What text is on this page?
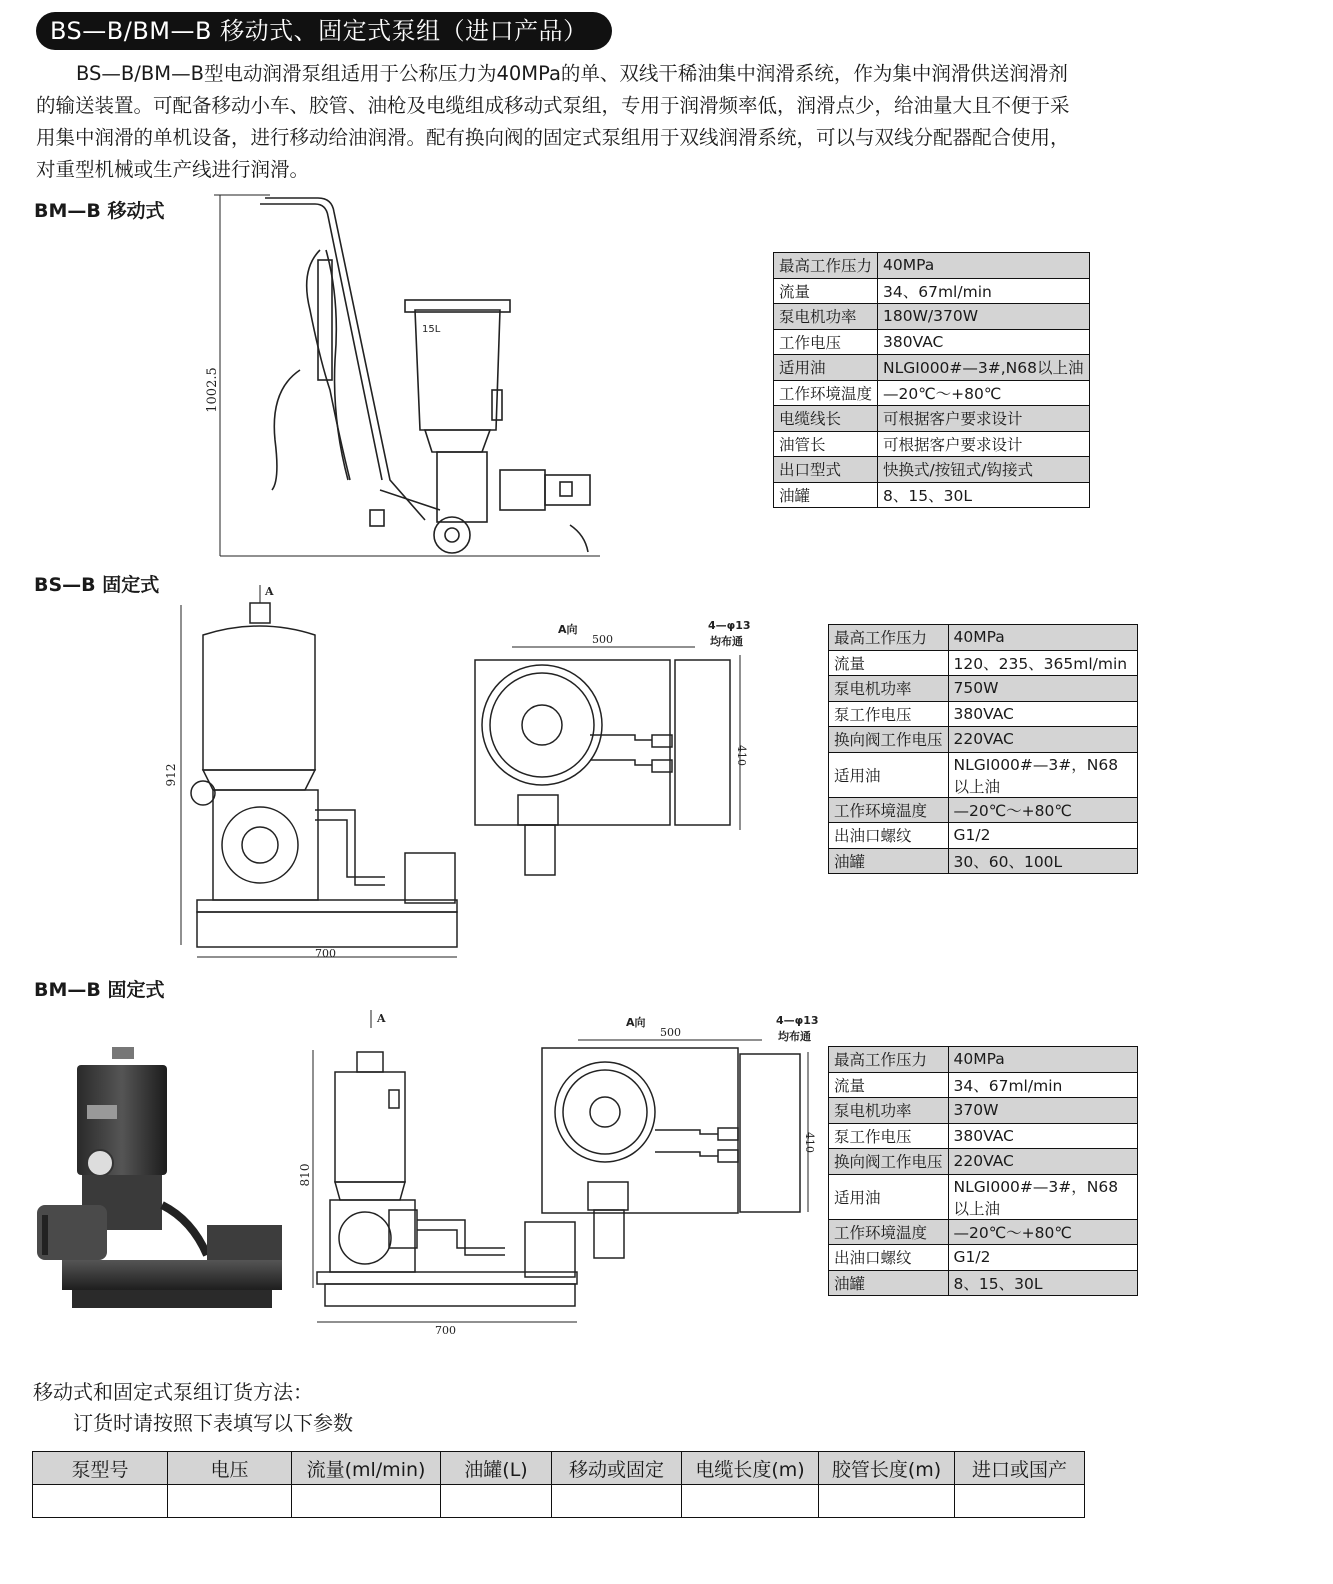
BS—B/BM—B 移动式、固定式泵组（进口产品）

BS—B/BM—B型电动润滑泵组适用于公称压力为40MPa的单、双线干稀油集中润滑系统，作为集中润滑供送润滑剂的输送装置。可配备移动小车、胶管、油枪及电缆组成移动式泵组，专用于润滑频率低，润滑点少，给油量大且不便于采用集中润滑的单机设备，进行移动给油润滑。配有换向阀的固定式泵组用于双线润滑系统，可以与双线分配器配合使用，对重型机械或生产线进行润滑。

BM—B 移动式
1002.5
15L
最高工作压力	40MPa
流量	34、67ml/min
泵电机功率	180W/370W
工作电压	380VAC
适用油	NLGI000#—3#,N68以上油
工作环境温度	—20℃～+80℃
电缆线长	可根据客户要求设计
油管长	可根据客户要求设计
出口型式	快换式/按钮式/钩接式
油罐	8、15、30L
BS—B 固定式	A
912
700
A向
500
4—φ13
均布通
410
最高工作压力	40MPa
流量	120、235、365ml/min
泵电机功率	750W
泵工作电压	380VAC
换向阀工作电压	220VAC
适用油	NLGI000#—3#，N68以上油
工作环境温度	—20℃～+80℃
出油口螺纹	G1/2
油罐	30、60、100L
BM—B 固定式
A
810
700
A向
500
4—φ13
均布通
410
最高工作压力	40MPa
流量	34、67ml/min
泵电机功率	370W
泵工作电压	380VAC
换向阀工作电压	220VAC
适用油	NLGI000#—3#，N68以上油
工作环境温度	—20℃～+80℃
出油口螺纹	G1/2
油罐	8、15、30L
移动式和固定式泵组订货方法：
订货时请按照下表填写以下参数
泵型号	电压	流量(ml/min)	油罐(L)	移动或固定	电缆长度(m)	胶管长度(m)	进口或国产
